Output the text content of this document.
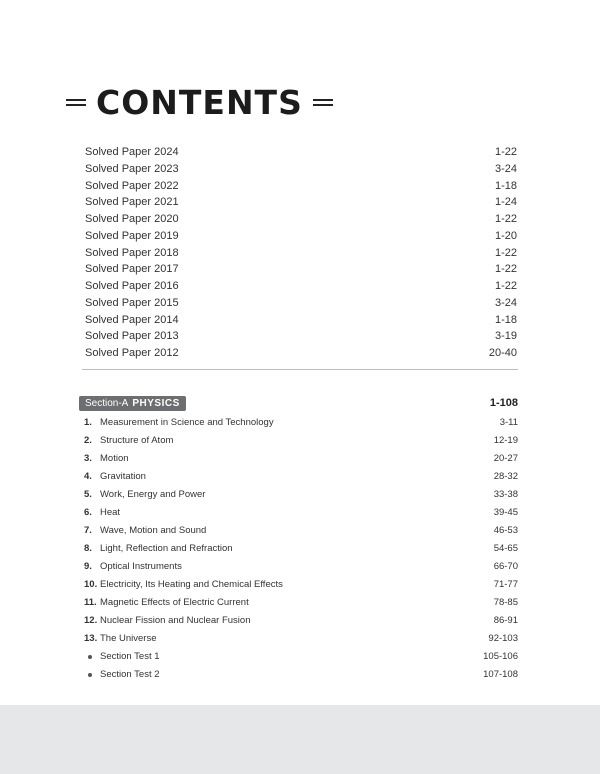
CONTENTS
Solved Paper 2024	1-22
Solved Paper 2023	3-24
Solved Paper 2022	1-18
Solved Paper 2021	1-24
Solved Paper 2020	1-22
Solved Paper 2019	1-20
Solved Paper 2018	1-22
Solved Paper 2017	1-22
Solved Paper 2016	1-22
Solved Paper 2015	3-24
Solved Paper 2014	1-18
Solved Paper 2013	3-19
Solved Paper 2012	20-40
Section-A PHYSICS	1-108
1. Measurement in Science and Technology	3-11
2. Structure of Atom	12-19
3. Motion	20-27
4. Gravitation	28-32
5. Work, Energy and Power	33-38
6. Heat	39-45
7. Wave, Motion and Sound	46-53
8. Light, Reflection and Refraction	54-65
9. Optical Instruments	66-70
10. Electricity, Its Heating and Chemical Effects	71-77
11. Magnetic Effects of Electric Current	78-85
12. Nuclear Fission and Nuclear Fusion	86-91
13. The Universe	92-103
Section Test 1	105-106
Section Test 2	107-108
